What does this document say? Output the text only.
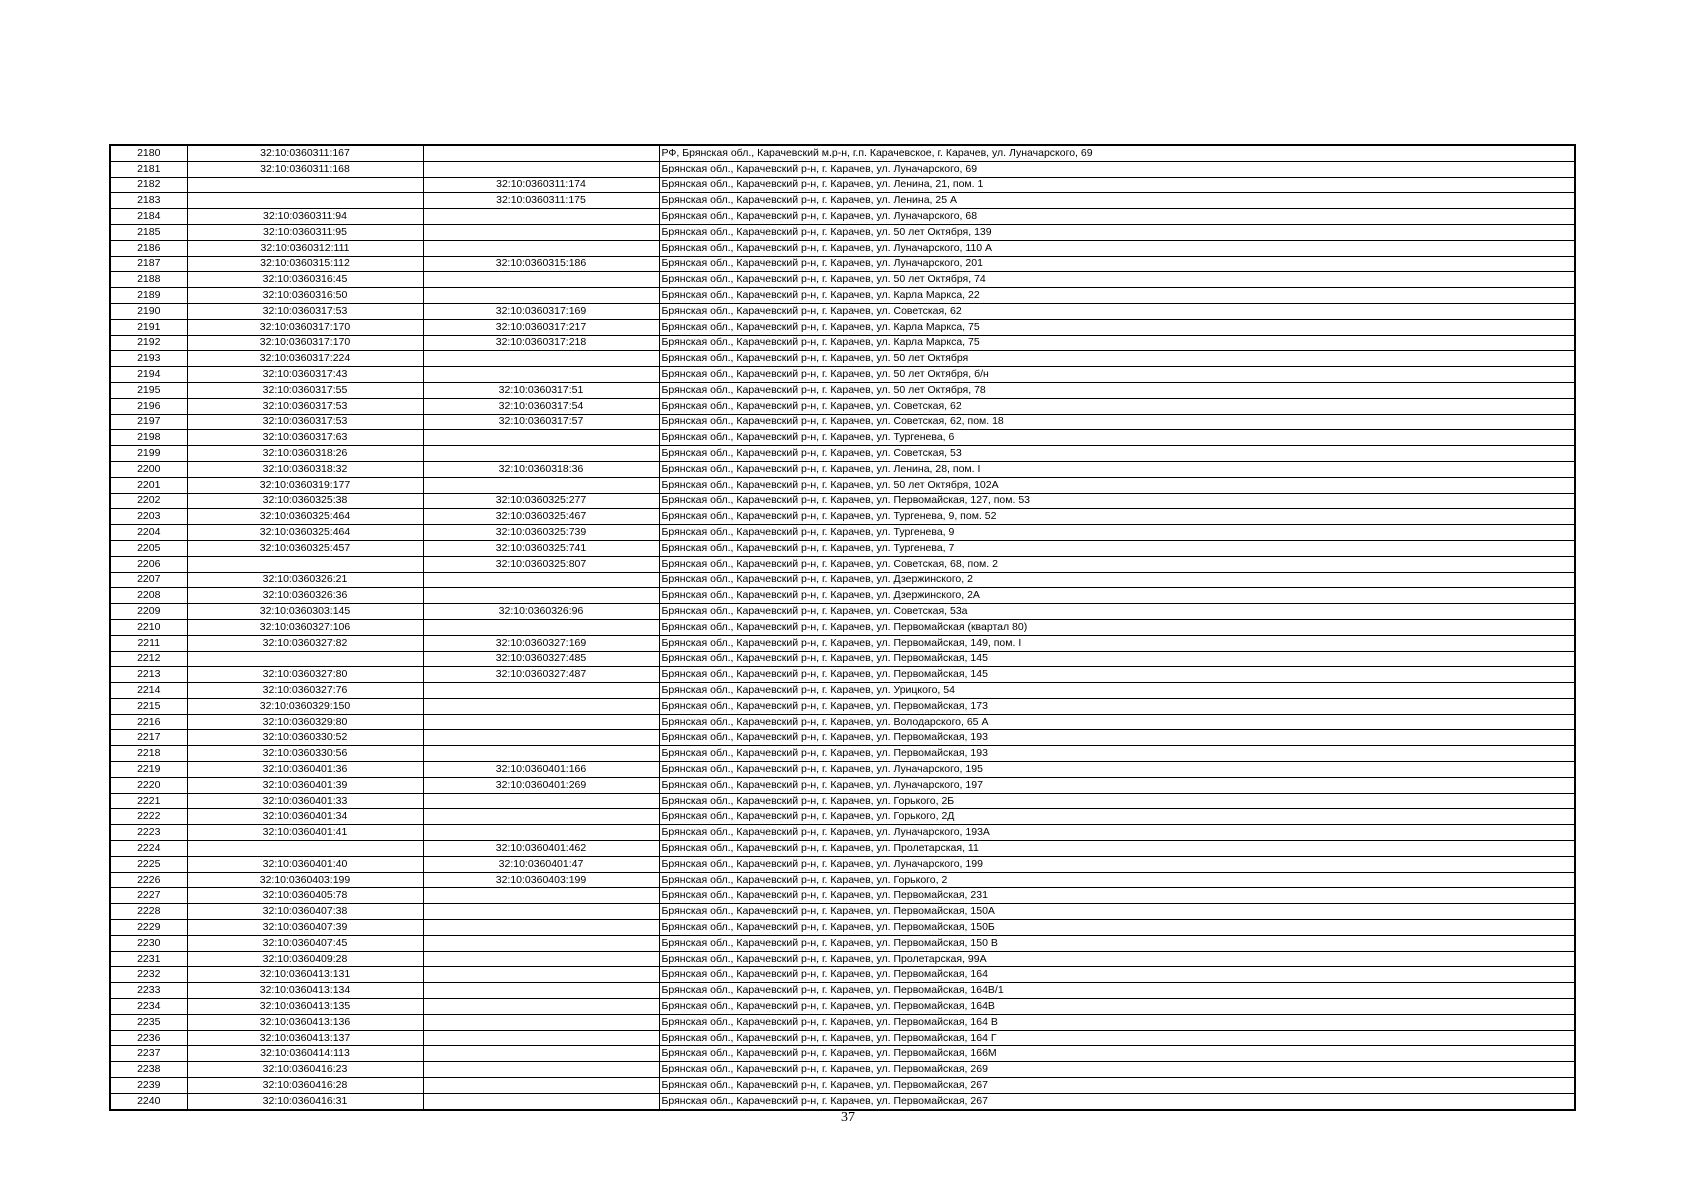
2180	32:10:0360311:167		РФ, Брянская обл., Карачевский м.р-н, г.п. Карачевское, г. Карачев, ул. Луначарского, 69
2181	32:10:0360311:168		Брянская обл., Карачевский р-н, г. Карачев, ул. Луначарского, 69
2182		32:10:0360311:174	Брянская обл., Карачевский р-н, г. Карачев, ул. Ленина, 21, пом. 1
2183		32:10:0360311:175	Брянская обл., Карачевский р-н, г. Карачев, ул. Ленина, 25 А
2184	32:10:0360311:94		Брянская обл., Карачевский р-н, г. Карачев, ул. Луначарского, 68
2185	32:10:0360311:95		Брянская обл., Карачевский р-н, г. Карачев, ул. 50 лет Октября, 139
2186	32:10:0360312:111		Брянская обл., Карачевский р-н, г. Карачев, ул. Луначарского, 110 А
2187	32:10:0360315:112	32:10:0360315:186	Брянская обл., Карачевский р-н, г. Карачев, ул. Луначарского, 201
2188	32:10:0360316:45		Брянская обл., Карачевский р-н, г. Карачев, ул. 50 лет Октября, 74
2189	32:10:0360316:50		Брянская обл., Карачевский р-н, г. Карачев, ул. Карла Маркса, 22
2190	32:10:0360317:53	32:10:0360317:169	Брянская обл., Карачевский р-н, г. Карачев, ул. Советская, 62
2191	32:10:0360317:170	32:10:0360317:217	Брянская обл., Карачевский р-н, г. Карачев, ул. Карла Маркса, 75
2192	32:10:0360317:170	32:10:0360317:218	Брянская обл., Карачевский р-н, г. Карачев, ул. Карла Маркса, 75
2193	32:10:0360317:224		Брянская обл., Карачевский р-н, г. Карачев, ул. 50 лет Октября
2194	32:10:0360317:43		Брянская обл., Карачевский р-н, г. Карачев, ул. 50 лет Октября, б/н
2195	32:10:0360317:55	32:10:0360317:51	Брянская обл., Карачевский р-н, г. Карачев, ул. 50 лет Октября, 78
2196	32:10:0360317:53	32:10:0360317:54	Брянская обл., Карачевский р-н, г. Карачев, ул. Советская, 62
2197	32:10:0360317:53	32:10:0360317:57	Брянская обл., Карачевский р-н, г. Карачев, ул. Советская, 62, пом. 18
2198	32:10:0360317:63		Брянская обл., Карачевский р-н, г. Карачев, ул. Тургенева, 6
2199	32:10:0360318:26		Брянская обл., Карачевский р-н, г. Карачев, ул. Советская, 53
2200	32:10:0360318:32	32:10:0360318:36	Брянская обл., Карачевский р-н, г. Карачев, ул. Ленина, 28, пом. I
2201	32:10:0360319:177		Брянская обл., Карачевский р-н, г. Карачев, ул. 50 лет Октября, 102А
2202	32:10:0360325:38	32:10:0360325:277	Брянская обл., Карачевский р-н, г. Карачев, ул. Первомайская, 127, пом. 53
2203	32:10:0360325:464	32:10:0360325:467	Брянская обл., Карачевский р-н, г. Карачев, ул. Тургенева, 9, пом. 52
2204	32:10:0360325:464	32:10:0360325:739	Брянская обл., Карачевский р-н, г. Карачев, ул. Тургенева, 9
2205	32:10:0360325:457	32:10:0360325:741	Брянская обл., Карачевский р-н, г. Карачев, ул. Тургенева, 7
2206		32:10:0360325:807	Брянская обл., Карачевский р-н, г. Карачев, ул. Советская, 68, пом. 2
2207	32:10:0360326:21		Брянская обл., Карачевский р-н, г. Карачев, ул. Дзержинского, 2
2208	32:10:0360326:36		Брянская обл., Карачевский р-н, г. Карачев, ул. Дзержинского, 2А
2209	32:10:0360303:145	32:10:0360326:96	Брянская обл., Карачевский р-н, г. Карачев, ул. Советская, 53а
2210	32:10:0360327:106		Брянская обл., Карачевский р-н, г. Карачев, ул. Первомайская (квартал 80)
2211	32:10:0360327:82	32:10:0360327:169	Брянская обл., Карачевский р-н, г. Карачев, ул. Первомайская, 149, пом. I
2212		32:10:0360327:485	Брянская обл., Карачевский р-н, г. Карачев, ул. Первомайская, 145
2213	32:10:0360327:80	32:10:0360327:487	Брянская обл., Карачевский р-н, г. Карачев, ул. Первомайская, 145
2214	32:10:0360327:76		Брянская обл., Карачевский р-н, г. Карачев, ул. Урицкого, 54
2215	32:10:0360329:150		Брянская обл., Карачевский р-н, г. Карачев, ул. Первомайская, 173
2216	32:10:0360329:80		Брянская обл., Карачевский р-н, г. Карачев, ул. Володарского, 65 А
2217	32:10:0360330:52		Брянская обл., Карачевский р-н, г. Карачев, ул. Первомайская, 193
2218	32:10:0360330:56		Брянская обл., Карачевский р-н, г. Карачев, ул. Первомайская, 193
2219	32:10:0360401:36	32:10:0360401:166	Брянская обл., Карачевский р-н, г. Карачев, ул. Луначарского, 195
2220	32:10:0360401:39	32:10:0360401:269	Брянская обл., Карачевский р-н, г. Карачев, ул. Луначарского, 197
2221	32:10:0360401:33		Брянская обл., Карачевский р-н, г. Карачев, ул. Горького, 2Б
2222	32:10:0360401:34		Брянская обл., Карачевский р-н, г. Карачев, ул. Горького, 2Д
2223	32:10:0360401:41		Брянская обл., Карачевский р-н, г. Карачев, ул. Луначарского, 193А
2224		32:10:0360401:462	Брянская обл., Карачевский р-н, г. Карачев, ул. Пролетарская, 11
2225	32:10:0360401:40	32:10:0360401:47	Брянская обл., Карачевский р-н, г. Карачев, ул. Луначарского, 199
2226	32:10:0360403:199	32:10:0360403:199	Брянская обл., Карачевский р-н, г. Карачев, ул. Горького, 2
2227	32:10:0360405:78		Брянская обл., Карачевский р-н, г. Карачев, ул. Первомайская, 231
2228	32:10:0360407:38		Брянская обл., Карачевский р-н, г. Карачев, ул. Первомайская, 150А
2229	32:10:0360407:39		Брянская обл., Карачевский р-н, г. Карачев, ул. Первомайская, 150Б
2230	32:10:0360407:45		Брянская обл., Карачевский р-н, г. Карачев, ул. Первомайская, 150 В
2231	32:10:0360409:28		Брянская обл., Карачевский р-н, г. Карачев, ул. Пролетарская, 99А
2232	32:10:0360413:131		Брянская обл., Карачевский р-н, г. Карачев, ул. Первомайская, 164
2233	32:10:0360413:134		Брянская обл., Карачевский р-н, г. Карачев, ул. Первомайская, 164В/1
2234	32:10:0360413:135		Брянская обл., Карачевский р-н, г. Карачев, ул. Первомайская, 164В
2235	32:10:0360413:136		Брянская обл., Карачевский р-н, г. Карачев, ул. Первомайская, 164 В
2236	32:10:0360413:137		Брянская обл., Карачевский р-н, г. Карачев, ул. Первомайская, 164 Г
2237	32:10:0360414:113		Брянская обл., Карачевский р-н, г. Карачев, ул. Первомайская, 166М
2238	32:10:0360416:23		Брянская обл., Карачевский р-н, г. Карачев, ул. Первомайская, 269
2239	32:10:0360416:28		Брянская обл., Карачевский р-н, г. Карачев, ул. Первомайская, 267
2240	32:10:0360416:31		Брянская обл., Карачевский р-н, г. Карачев, ул. Первомайская, 267
37
